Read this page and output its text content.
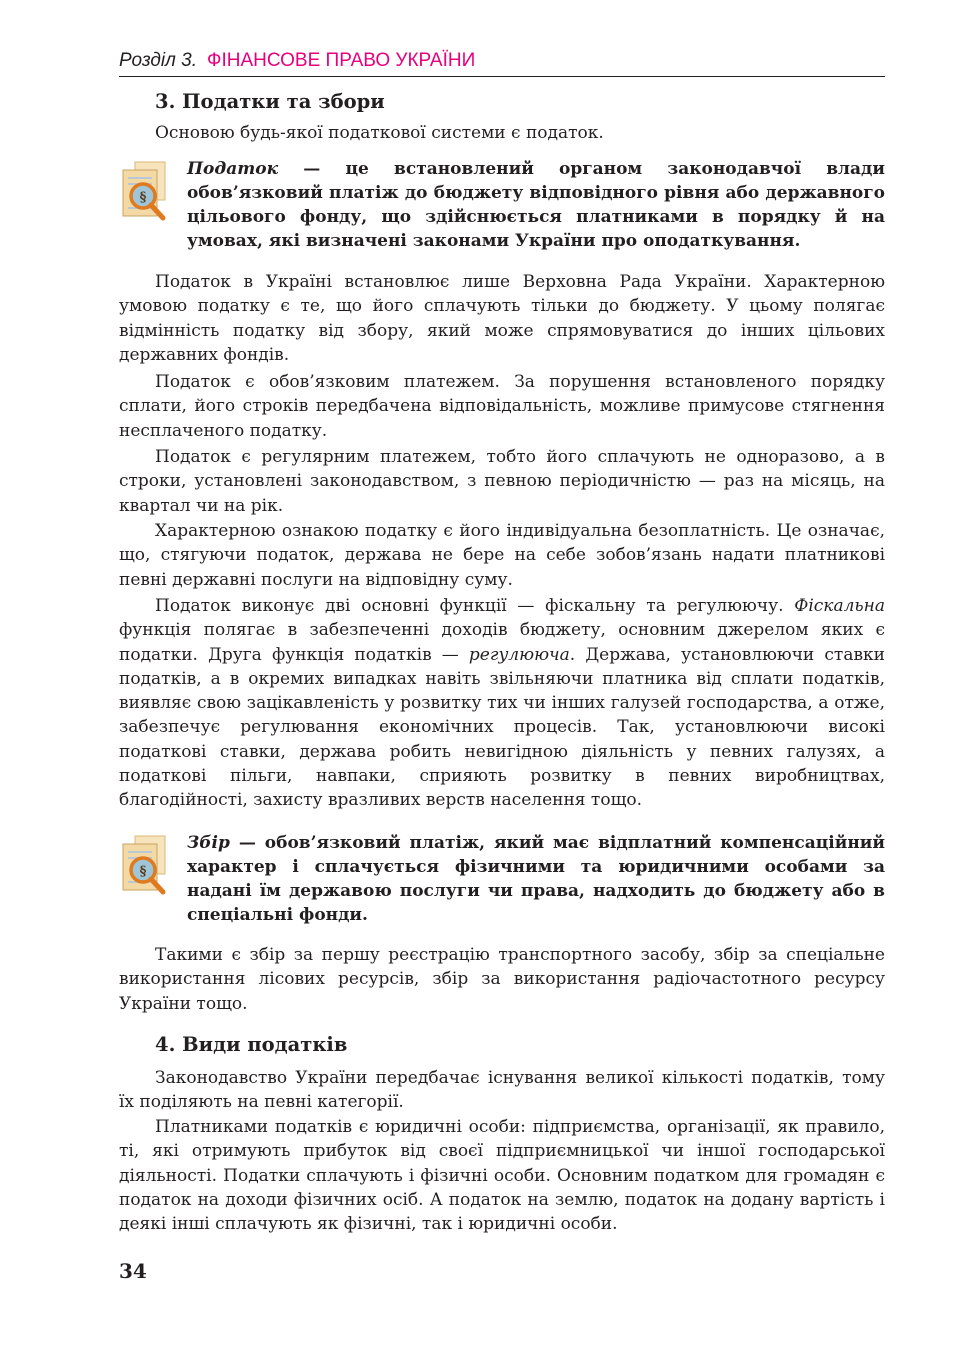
Розділ 3. ФІНАНСОВЕ ПРАВО УКРАЇНИ
3. Податки та збори

Основою будь-якої податкової системи є податок.

§

Податок — це встановлений органом законодавчої влади обов’язковий платіж до бюджету відповідного рівня або державного цільового фонду, що здійснюється платниками в порядку й на умовах, які визначені законами України про оподаткування.

Податок в Україні встановлює лише Верховна Рада України. Характерною умовою податку є те, що його сплачують тільки до бюджету. У цьому полягає відмінність податку від збору, який може спрямовуватися до інших цільових державних фондів.

Податок є обов’язковим платежем. За порушення встановленого порядку сплати, його строків передбачена відповідальність, можливе примусове стягнення несплаченого податку.

Податок є регулярним платежем, тобто його сплачують не одноразово, а в строки, установлені законодавством, з певною періодичністю — раз на місяць, на квартал чи на рік.

Характерною ознакою податку є його індивідуальна безоплатність. Це означає, що, стягуючи податок, держава не бере на себе зобов’язань надати платникові певні державні послуги на відповідну суму.

Податок виконує дві основні функції — фіскальну та регулюючу. Фіскальна функція полягає в забезпеченні доходів бюджету, основним джерелом яких є податки. Друга функція податків — регулююча. Держава, установлюючи ставки податків, а в окремих випадках навіть звільняючи платника від сплати податків, виявляє свою зацікавленість у розвитку тих чи інших галузей господарства, а отже, забезпечує регулювання економічних процесів. Так, установлюючи високі податкові ставки, держава робить невигідною діяльність у певних галузях, а податкові пільги, навпаки, сприяють розвитку в певних виробництвах, благодійності, захисту вразливих верств населення тощо.

§

Збір — обов’язковий платіж, який має відплатний компенсаційний характер і сплачується фізичними та юридичними особами за надані їм державою послуги чи права, надходить до бюджету або в спеціальні фонди.

Такими є збір за першу реєстрацію транспортного засобу, збір за спеціальне використання лісових ресурсів, збір за використання радіочастотного ресурсу України тощо.

4. Види податків

Законодавство України передбачає існування великої кількості податків, тому їх поділяють на певні категорії.

Платниками податків є юридичні особи: підприємства, організації, як правило, ті, які отримують прибуток від своєї підприємницької чи іншої господарської діяльності. Податки сплачують і фізичні особи. Основним податком для громадян є податок на доходи фізичних осіб. А податок на землю, податок на додану вартість і деякі інші сплачують як фізичні, так і юридичні особи.

34
